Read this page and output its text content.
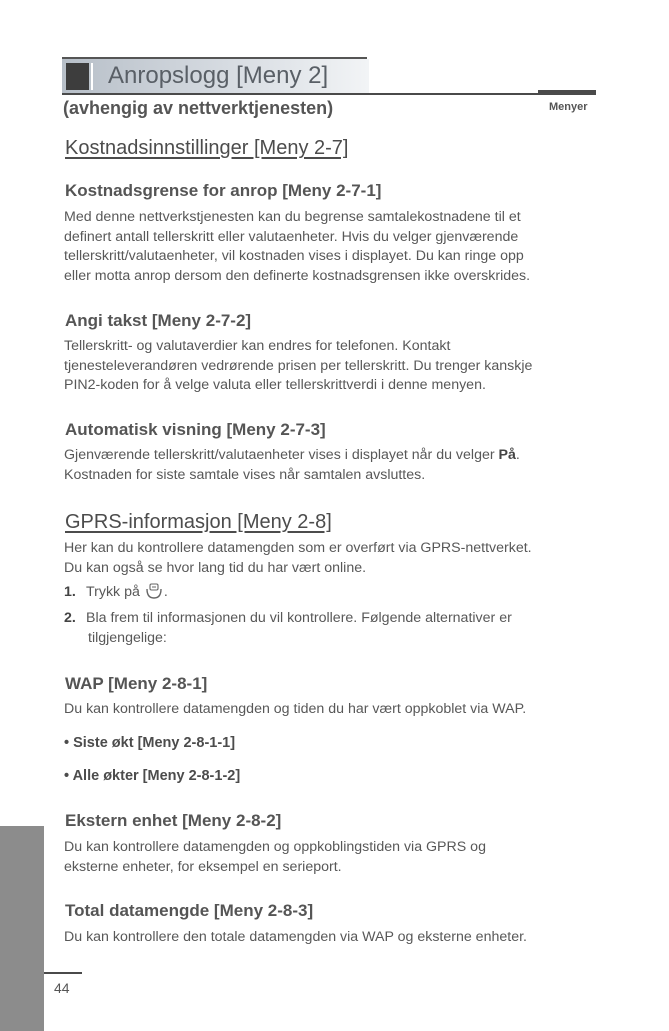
Anropslogg [Meny 2]
(avhengig av nettverktjenesten)	Menyer
Kostnadsinnstillinger [Meny 2-7]
Kostnadsgrense for anrop [Meny 2-7-1]
Med denne nettverkstjenesten kan du begrense samtalekostnadene til et
definert antall tellerskritt eller valutaenheter. Hvis du velger gjenværende
tellerskritt/valutaenheter, vil kostnaden vises i displayet. Du kan ringe opp
eller motta anrop dersom den definerte kostnadsgrensen ikke overskrides.
Angi takst [Meny 2-7-2]
Tellerskritt- og valutaverdier kan endres for telefonen. Kontakt
tjenesteleverandøren vedrørende prisen per tellerskritt. Du trenger kanskje
PIN2-koden for å velge valuta eller tellerskrittverdi i denne menyen.
Automatisk visning [Meny 2-7-3]
Gjenværende tellerskritt/valutaenheter vises i displayet når du velger På.
Kostnaden for siste samtale vises når samtalen avsluttes.
GPRS-informasjon [Meny 2-8]
Her kan du kontrollere datamengden som er overført via GPRS-nettverket.
Du kan også se hvor lang tid du har vært online.
1. Trykk på .
2. Bla frem til informasjonen du vil kontrollere. Følgende alternativer er
tilgjengelige:
WAP [Meny 2-8-1]
Du kan kontrollere datamengden og tiden du har vært oppkoblet via WAP.
• Siste økt [Meny 2-8-1-1]
• Alle økter [Meny 2-8-1-2]
Ekstern enhet [Meny 2-8-2]
Du kan kontrollere datamengden og oppkoblingstiden via GPRS og
eksterne enheter, for eksempel en serieport.
Total datamengde [Meny 2-8-3]
Du kan kontrollere den totale datamengden via WAP og eksterne enheter.
44
